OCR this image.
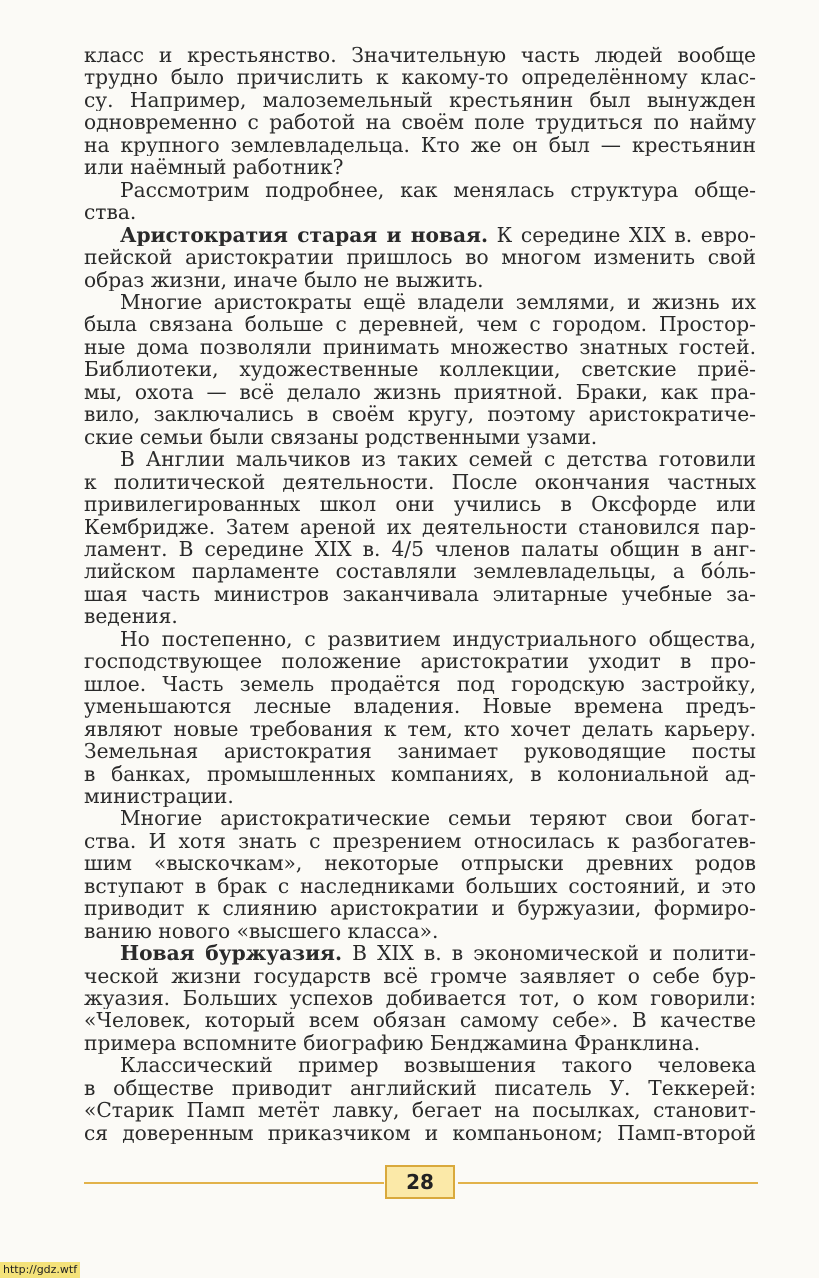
класс и крестьянство. Значительную часть людей вообще
трудно было причислить к какому-то определённому клас-
су. Например, малоземельный крестьянин был вынужден
одновременно с работой на своём поле трудиться по найму
на крупного землевладельца. Кто же он был — крестьянин
или наёмный работник?
Рассмотрим подробнее, как менялась структура обще-
ства.
Аристократия старая и новая. К середине XIX в. евро-
пейской аристократии пришлось во многом изменить свой
образ жизни, иначе было не выжить.
Многие аристократы ещё владели землями, и жизнь их
была связана больше с деревней, чем с городом. Простор-
ные дома позволяли принимать множество знатных гостей.
Библиотеки, художественные коллекции, светские приё-
мы, охота — всё делало жизнь приятной. Браки, как пра-
вило, заключались в своём кругу, поэтому аристократиче-
ские семьи были связаны родственными узами.
В Англии мальчиков из таких семей с детства готовили
к политической деятельности. После окончания частных
привилегированных школ они учились в Оксфорде или
Кембридже. Затем ареной их деятельности становился пар-
ламент. В середине XIX в. 4/5 членов палаты общин в анг-
лийском парламенте составляли землевладельцы, а бóль-
шая часть министров заканчивала элитарные учебные за-
ведения.
Но постепенно, с развитием индустриального общества,
господствующее положение аристократии уходит в про-
шлое. Часть земель продаётся под городскую застройку,
уменьшаются лесные владения. Новые времена предъ-
являют новые требования к тем, кто хочет делать карьеру.
Земельная аристократия занимает руководящие посты
в банках, промышленных компаниях, в колониальной ад-
министрации.
Многие аристократические семьи теряют свои богат-
ства. И хотя знать с презрением относилась к разбогатев-
шим «выскочкам», некоторые отпрыски древних родов
вступают в брак с наследниками больших состояний, и это
приводит к слиянию аристократии и буржуазии, формиро-
ванию нового «высшего класса».
Новая буржуазия. В XIX в. в экономической и полити-
ческой жизни государств всё громче заявляет о себе бур-
жуазия. Больших успехов добивается тот, о ком говорили:
«Человек, который всем обязан самому себе». В качестве
примера вспомните биографию Бенджамина Франклина.
Классический пример возвышения такого человека
в обществе приводит английский писатель У. Теккерей:
«Старик Памп метёт лавку, бегает на посылках, становит-
ся доверенным приказчиком и компаньоном; Памп-второй
28
http://gdz.wtf
